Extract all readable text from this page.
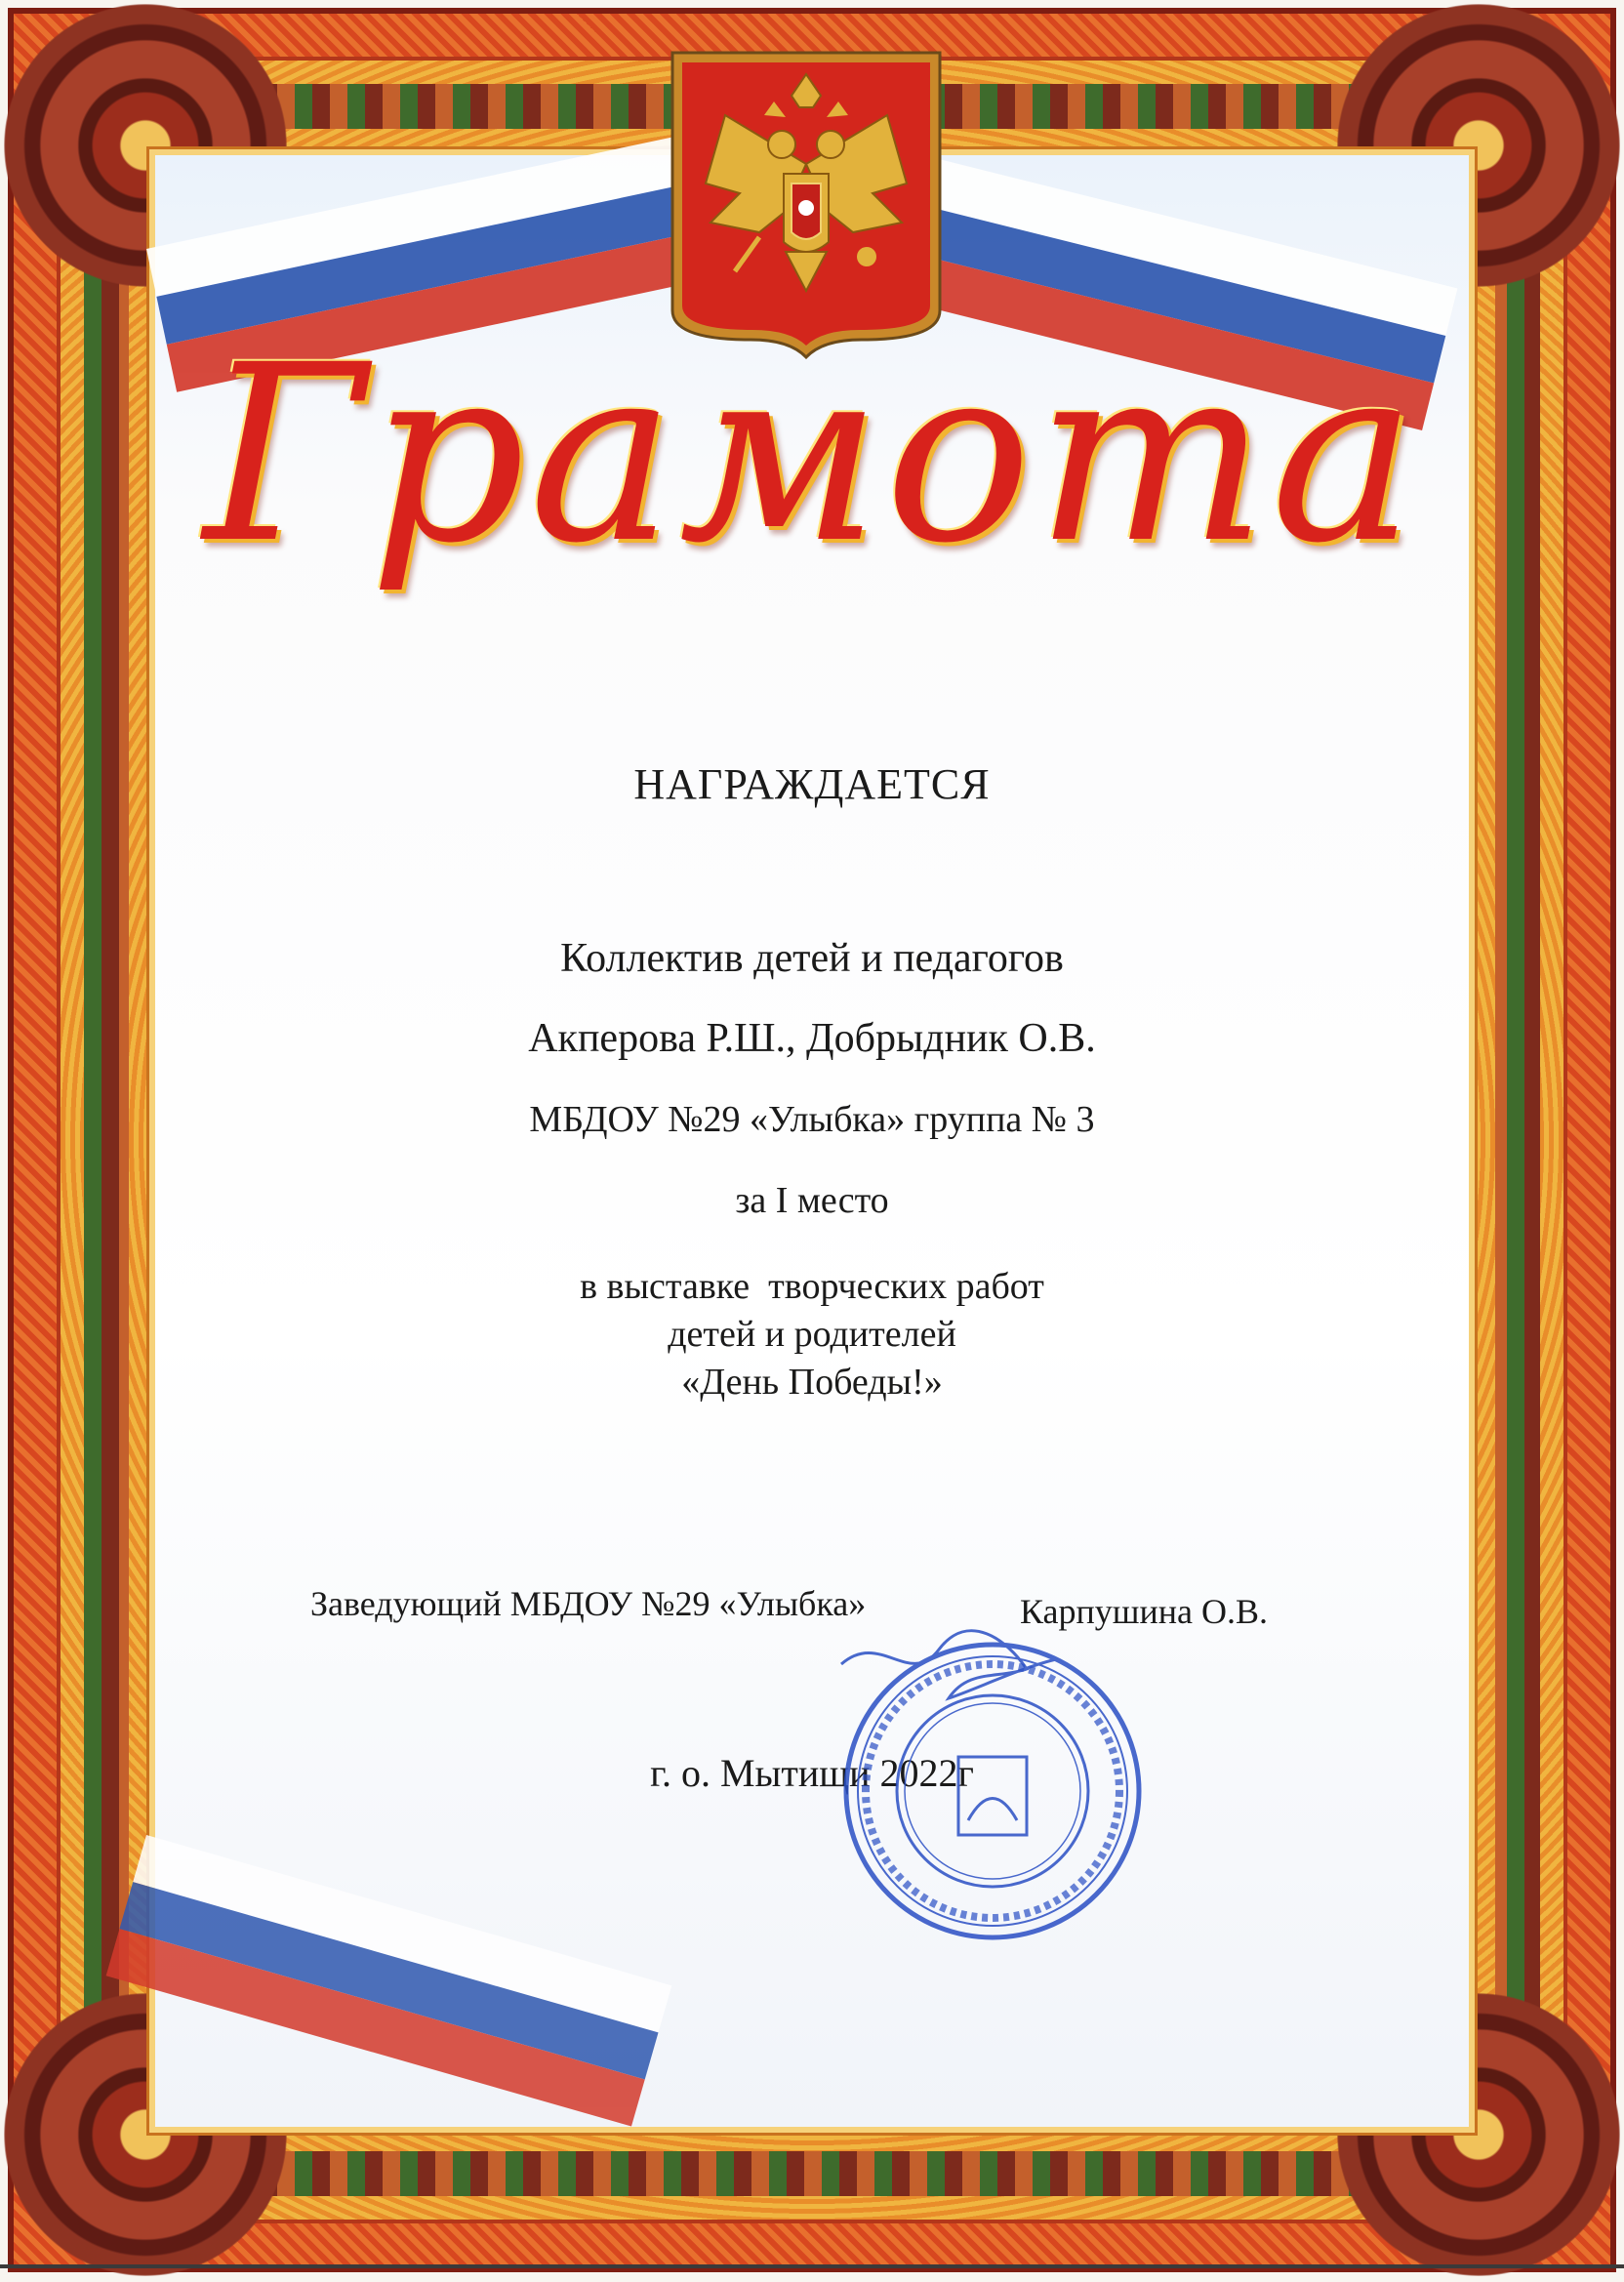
Грамота
НАГРАЖДАЕТСЯ
Коллектив детей и педагогов
Акперова Р.Ш., Добрыдник О.В.
МБДОУ №29 «Улыбка» группа № 3
за I место
в выставке  творческих работ
детей и родителей
«День Победы!»
Заведующий МБДОУ №29 «Улыбка»	Карпушина О.В.
г. о. Мытищи 2022г
